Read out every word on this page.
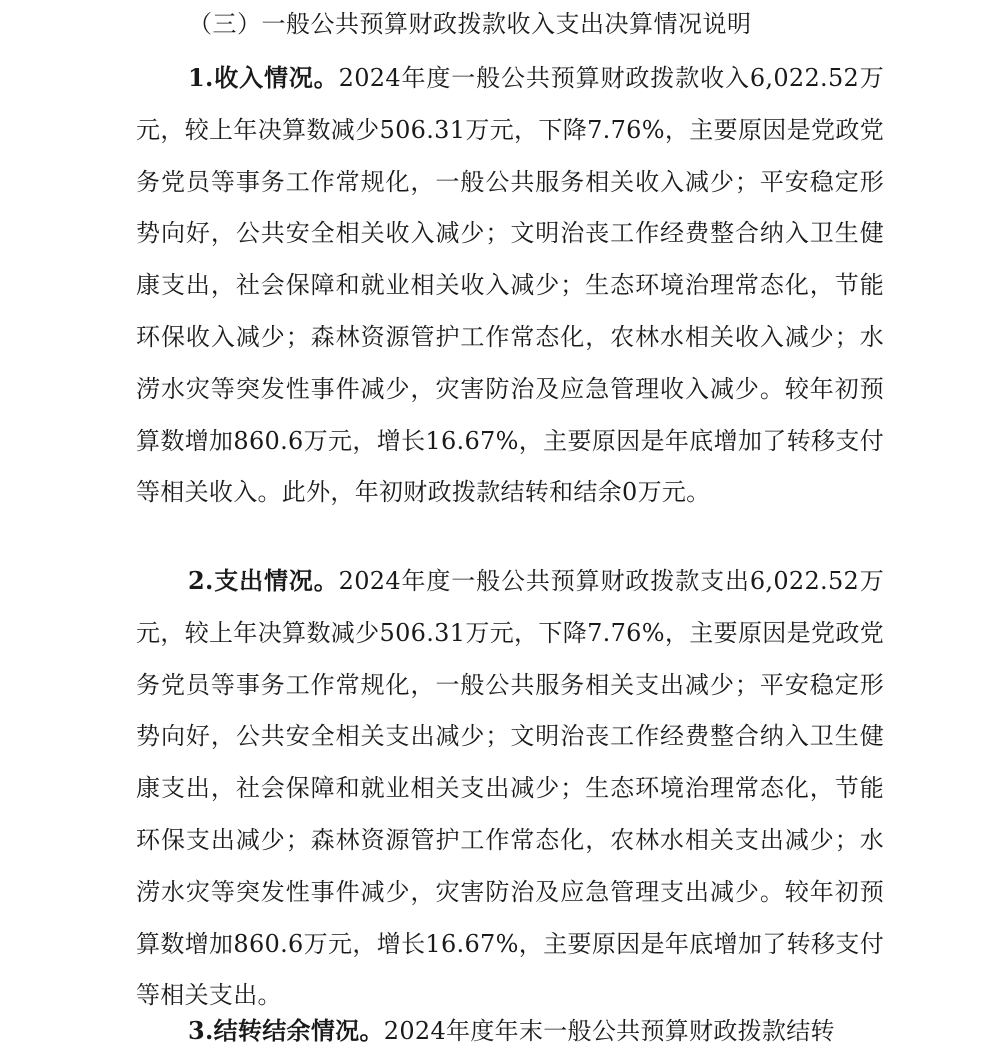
（三）一般公共预算财政拨款收入支出决算情况说明

1.收入情况。2024年度一般公共预算财政拨款收入6,022.52万元，较上年决算数减少506.31万元，下降7.76%，主要原因是党政党务党员等事务工作常规化，一般公共服务相关收入减少；平安稳定形势向好，公共安全相关收入减少；文明治丧工作经费整合纳入卫生健康支出，社会保障和就业相关收入减少；生态环境治理常态化，节能环保收入减少；森林资源管护工作常态化，农林水相关收入减少；水涝水灾等突发性事件减少，灾害防治及应急管理收入减少。较年初预算数增加860.6万元，增长16.67%，主要原因是年底增加了转移支付等相关收入。此外，年初财政拨款结转和结余0万元。

2.支出情况。2024年度一般公共预算财政拨款支出6,022.52万元，较上年决算数减少506.31万元，下降7.76%，主要原因是党政党务党员等事务工作常规化，一般公共服务相关支出减少；平安稳定形势向好，公共安全相关支出减少；文明治丧工作经费整合纳入卫生健康支出，社会保障和就业相关支出减少；生态环境治理常态化，节能环保支出减少；森林资源管护工作常态化，农林水相关支出减少；水涝水灾等突发性事件减少，灾害防治及应急管理支出减少。较年初预算数增加860.6万元，增长16.67%，主要原因是年底增加了转移支付等相关支出。

3.结转结余情况。2024年度年末一般公共预算财政拨款结转
